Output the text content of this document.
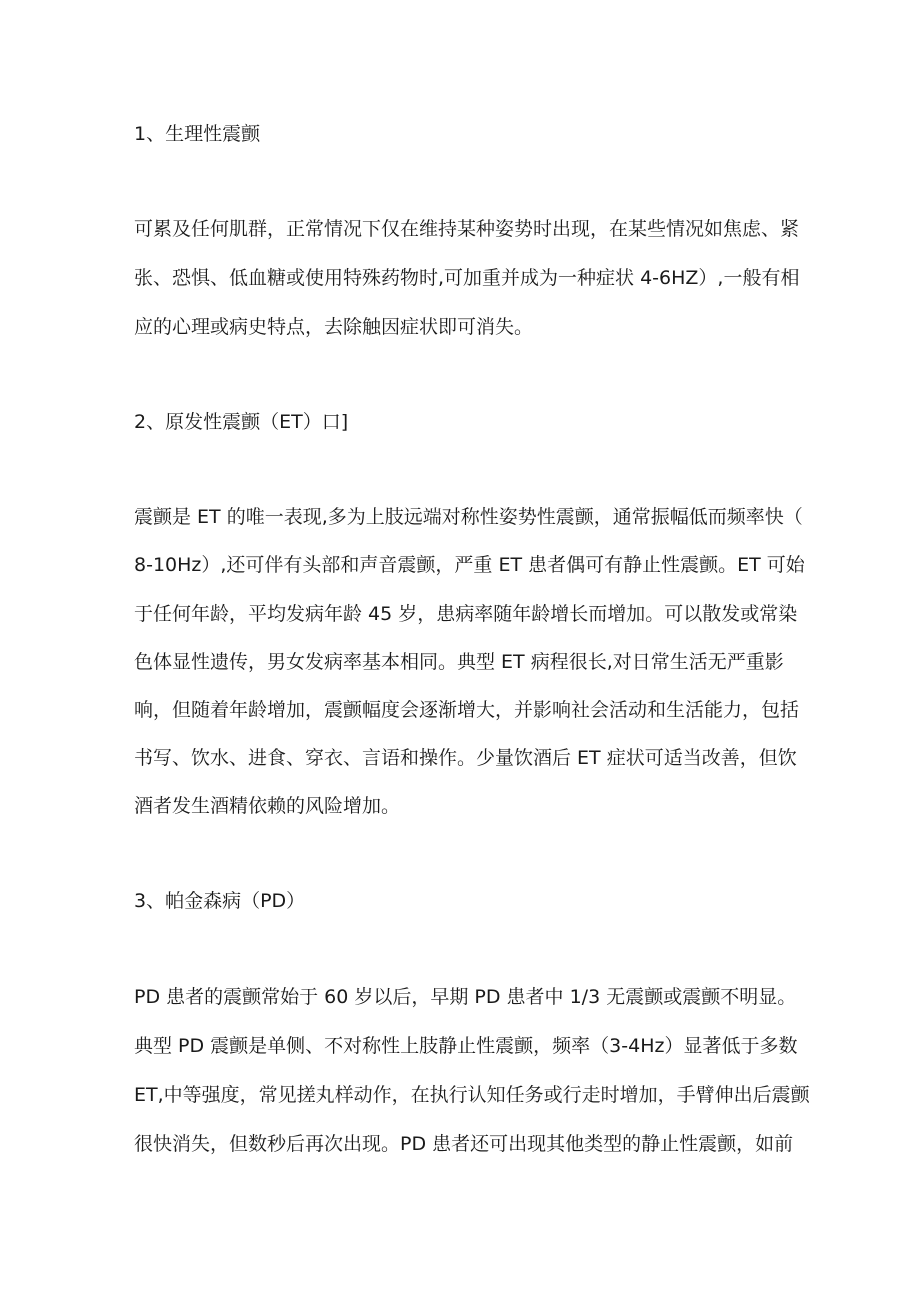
1、生理性震颤

可累及任何肌群，正常情况下仅在维持某种姿势时出现，在某些情况如焦虑、紧

张、恐惧、低血糖或使用特殊药物时,可加重并成为一种症状 4-6HZ）,一般有相

应的心理或病史特点，去除触因症状即可消失。

2、原发性震颤（ET）口]

震颤是 ET 的唯一表现,多为上肢远端对称性姿势性震颤，通常振幅低而频率快（

8-10Hz）,还可伴有头部和声音震颤，严重 ET 患者偶可有静止性震颤。ET 可始

于任何年龄，平均发病年龄 45 岁，患病率随年龄增长而增加。可以散发或常染

色体显性遗传，男女发病率基本相同。典型 ET 病程很长,对日常生活无严重影

响，但随着年龄增加，震颤幅度会逐渐增大，并影响社会活动和生活能力，包括

书写、饮水、进食、穿衣、言语和操作。少量饮酒后 ET 症状可适当改善，但饮

酒者发生酒精依赖的风险增加。

3、帕金森病（PD）

PD 患者的震颤常始于 60 岁以后，早期 PD 患者中 1/3 无震颤或震颤不明显。

典型 PD 震颤是单侧、不对称性上肢静止性震颤，频率（3-4Hz）显著低于多数

ET,中等强度，常见搓丸样动作，在执行认知任务或行走时增加，手臂伸出后震颤

很快消失，但数秒后再次出现。PD 患者还可出现其他类型的静止性震颤，如前
